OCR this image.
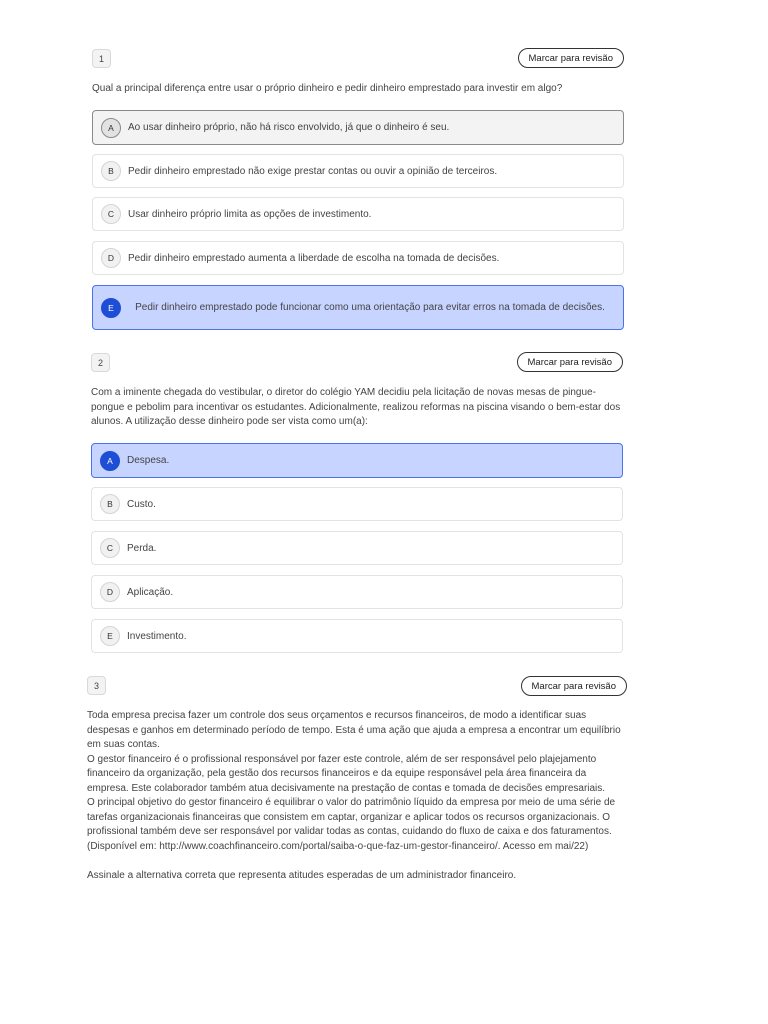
1	Marcar para revisão
Qual a principal diferença entre usar o próprio dinheiro e pedir dinheiro emprestado para investir em algo?
A	Ao usar dinheiro próprio, não há risco envolvido, já que o dinheiro é seu.
B	Pedir dinheiro emprestado não exige prestar contas ou ouvir a opinião de terceiros.
C	Usar dinheiro próprio limita as opções de investimento.
D	Pedir dinheiro emprestado aumenta a liberdade de escolha na tomada de decisões.
E	Pedir dinheiro emprestado pode funcionar como uma orientação para evitar erros na tomada de decisões.
2	Marcar para revisão
Com a iminente chegada do vestibular, o diretor do colégio YAM decidiu pela licitação de novas mesas de pingue-pongue e pebolim para incentivar os estudantes. Adicionalmente, realizou reformas na piscina visando o bem-estar dos alunos. A utilização desse dinheiro pode ser vista como um(a):
A	Despesa.
B	Custo.
C	Perda.
D	Aplicação.
E	Investimento.
3	Marcar para revisão

Toda empresa precisa fazer um controle dos seus orçamentos e recursos financeiros, de modo a identificar suas despesas e ganhos em determinado período de tempo. Esta é uma ação que ajuda a empresa a encontrar um equilíbrio em suas contas.

O gestor financeiro é o profissional responsável por fazer este controle, além de ser responsável pelo plajejamento financeiro da organização, pela gestão dos recursos financeiros e da equipe responsável pela área financeira da empresa. Este colaborador também atua decisivamente na prestação de contas e tomada de decisões empresariais.

O principal objetivo do gestor financeiro é equilibrar o valor do patrimônio líquido da empresa por meio de uma série de tarefas organizacionais financeiras que consistem em captar, organizar e aplicar todos os recursos organizacionais. O profissional também deve ser responsável por validar todas as contas, cuidando do fluxo de caixa e dos faturamentos. (Disponível em: http://www.coachfinanceiro.com/portal/saiba-o-que-faz-um-gestor-financeiro/. Acesso em mai/22)

Assinale a alternativa correta que representa atitudes esperadas de um administrador financeiro.
